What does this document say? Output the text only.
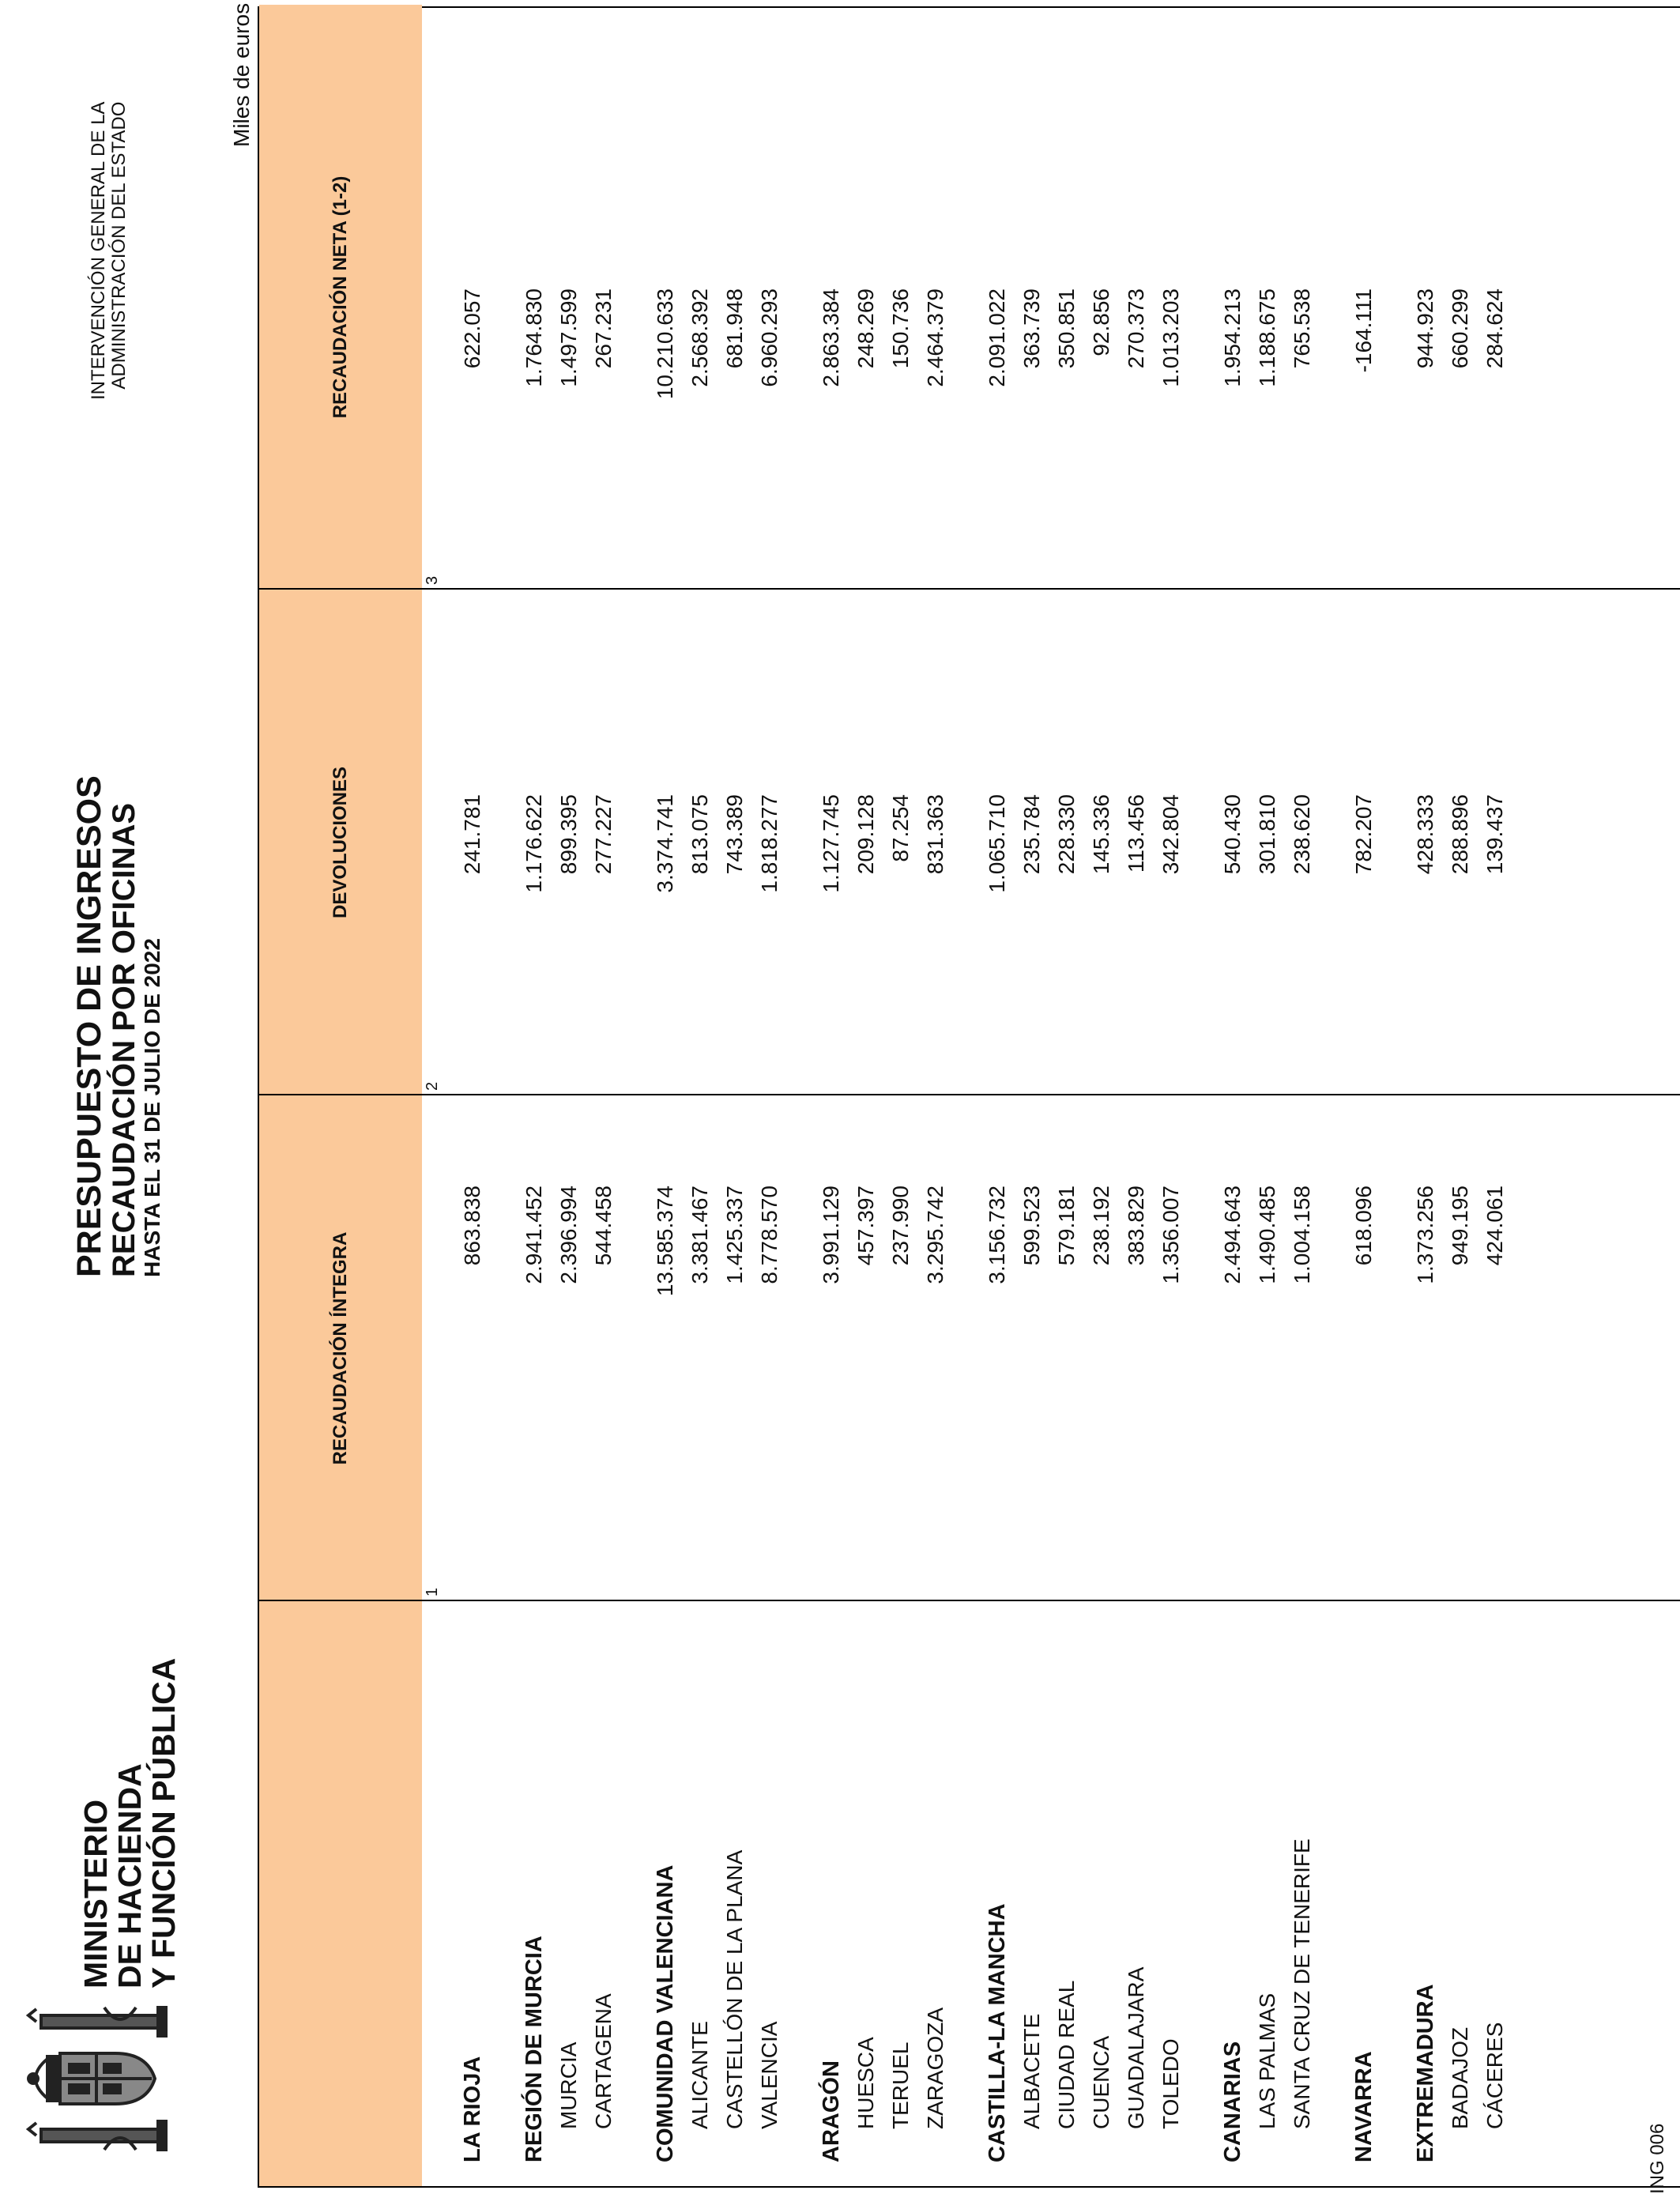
MINISTERIO
DE HACIENDA
Y FUNCIÓN PÚBLICA
PRESUPUESTO DE INGRESOS
RECAUDACIÓN POR OFICINAS
HASTA EL 31 DE JULIO DE 2022
INTERVENCIÓN GENERAL DE LA ADMINISTRACIÓN DEL ESTADO
Miles de euros
RECAUDACIÓN ÍNTEGRA
DEVOLUCIONES
RECAUDACIÓN NETA (1-2)
1
2
3
LA RIOJA
863.838
241.781
622.057
REGIÓN DE MURCIA
2.941.452
1.176.622
1.764.830
MURCIA
2.396.994
899.395
1.497.599
CARTAGENA
544.458
277.227
267.231
COMUNIDAD VALENCIANA
13.585.374
3.374.741
10.210.633
ALICANTE
3.381.467
813.075
2.568.392
CASTELLÓN DE LA PLANA
1.425.337
743.389
681.948
VALENCIA
8.778.570
1.818.277
6.960.293
ARAGÓN
3.991.129
1.127.745
2.863.384
HUESCA
457.397
209.128
248.269
TERUEL
237.990
87.254
150.736
ZARAGOZA
3.295.742
831.363
2.464.379
CASTILLA-LA MANCHA
3.156.732
1.065.710
2.091.022
ALBACETE
599.523
235.784
363.739
CIUDAD REAL
579.181
228.330
350.851
CUENCA
238.192
145.336
92.856
GUADALAJARA
383.829
113.456
270.373
TOLEDO
1.356.007
342.804
1.013.203
CANARIAS
2.494.643
540.430
1.954.213
LAS PALMAS
1.490.485
301.810
1.188.675
SANTA CRUZ DE TENERIFE
1.004.158
238.620
765.538
NAVARRA
618.096
782.207
-164.111
EXTREMADURA
1.373.256
428.333
944.923
BADAJOZ
949.195
288.896
660.299
CÁCERES
424.061
139.437
284.624
ING 006
